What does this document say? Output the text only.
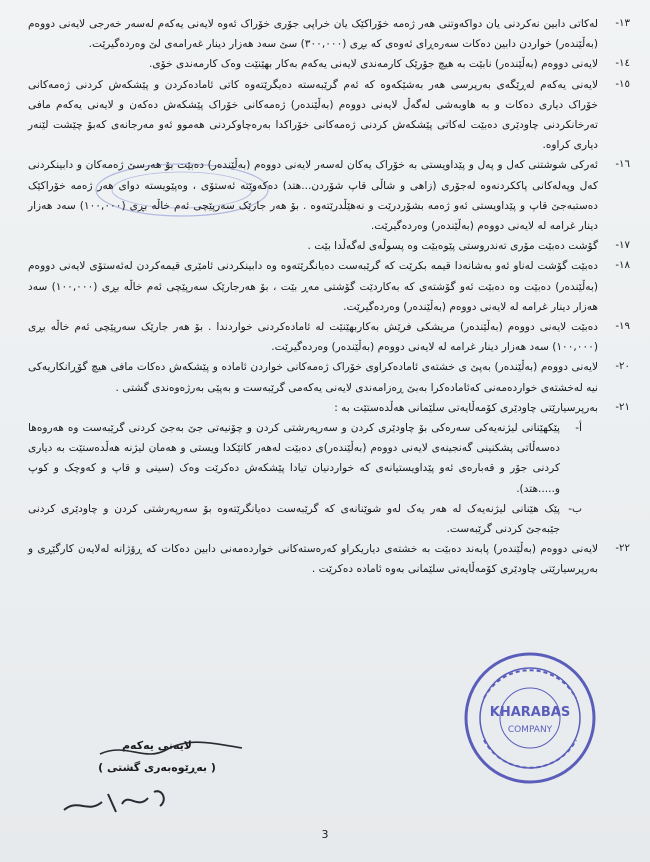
-١٣
لەکاتی دابین نەکردنی یان دواکەوتنی هەر ژەمە خۆراکێک یان خراپی جۆری خۆراک ئەوە لایەنی یەکەم لەسەر خەرجی لایەنی دووەم (بەڵێندەر) خواردن دابین دەکات سەرەڕای ئەوەی کە بڕی (٣٠٠,٠٠٠) سێ سەد هەزار دینار غەرامەی لێ وەردەگیرێت.

-١٤
لایەنی دووەم (بەڵێندەر) نابێت بە هیچ جۆرێک کارمەندی لایەنی یەکەم بەکار بهێنێت وەک کارمەندی خۆی.

-١٥
لایەنی یەکەم لەڕێگەی بەرپرسی هەر بەشێکەوە کە ئەم گرێبەستە دەیگرێتەوە کاتی ئامادەکردن و پێشکەش کردنی ژەمەکانی خۆراک دیاری دەکات و بە هاوبەشی لەگەڵ لایەنی دووەم (بەڵێندەر) ژەمەکانی خۆراک پێشکەش دەکەن و لایەنی یەکەم مافی تەرخانکردنی چاودێری دەبێت لەکاتی پێشکەش کردنی ژەمەکانی خۆراکدا بەرەچاوکردنی هەموو ئەو مەرجانەی کەبۆ چێشت لێنەر دیاری کراوە.

-١٦
ئەرکی شوشتنی کەل و پەل و پێداویستی بە خۆراک یەکان لەسەر لایەنی دووەم (بەڵێندەر) دەبێت بۆ هەرسێ ژەمەکان و دابینکردنی کەل وپەلەکانی پاککردنەوە لەجۆری (زاهی و شاڵی قاپ شۆردن...هتد) دەکەوێتە ئەستۆی ، وەپێویستە دوای هەر ژەمە خۆراکێک دەستبەجێ قاپ و پێداویستی ئەو ژەمە بشۆردرێت و نەهێڵدرێتەوە . بۆ هەر جارێک سەرپێچی ئەم خاڵە بڕی (١٠٠,٠٠٠) سەد هەزار دینار غرامە لە لایەنی دووەم (بەڵێندەر) وەردەگیرێت.

-١٧
گۆشت دەبێت مۆری تەندروستی پێوەبێت وە پسوڵەی لەگەڵدا بێت .

-١٨
دەبێت گۆشت لەناو ئەو بەشانەدا قیمە بکرێت کە گرێبەست دەیانگرێتەوە وە دابینکردنی ئامێری قیمەکردن لەئەستۆی لایەنی دووەم (بەڵێندەر) دەبێت وە دەبێت ئەو گۆشتەی کە بەکاردێت گۆشتی مەڕ بێت ، بۆ هەرجارێک سەرپێچی ئەم خاڵە بڕی (١٠٠,٠٠٠) سەد هەزار دینار غرامە لە لایەنی دووەم (بەڵێندەر) وەردەگیرێت.

-١٩
دەبێت لایەنی دووەم (بەڵێندەر) مریشکی فرێش بەکاربهێنێت لە ئامادەکردنی خواردندا . بۆ هەر جارێک سەرپێچی ئەم خاڵە بڕی (١٠٠,٠٠٠) سەد هەزار دینار غرامە لە لایەنی دووەم (بەڵێندەر) وەردەگیرێت.

-٢٠
لایەنی دووەم (بەڵێندەر) بەپێ ی خشتەی ئامادەکراوی خۆراک ژەمەکانی خواردن ئامادە و پێشکەش دەکات مافی هیچ گۆڕانکاریەکی نیە لەخشتەی خواردەمەنی کەئامادەکرا بەبێ ڕەزامەندی لایەنی یەکەمی گرێبەست و بەپێی بەرژەوەندی گشتی .

-٢١
بەرپرسیارێتی چاودێری کۆمەڵایەتی سلێمانی هەڵدەستێت بە :

أ-
پێکهێنانی لیژنەیەکی سەرەکی بۆ چاودێری کردن و سەرپەرشتی کردن و چۆنیەتی جێ بەجێ کردنی گرێبەست وە هەروەها دەسەڵاتی پشکنینی گەنجینەی لایەنی دووەم (بەڵێندەر)ی دەبێت لەهەر کاتێکدا ویستی و هەمان لیژنە هەڵدەستێت بە دیاری کردنی جۆر و قەبارەی ئەو پێداویستیانەی کە خواردنیان تیادا پێشکەش دەکرێت وەک (سینی و قاپ و کەوچک و کوپ و.....هتد).

ب-
پێک هێنانی لیژنەیەک لە هەر یەک لەو شوێنانەی کە گرێبەست دەیانگرێتەوە بۆ سەرپەرشتی کردن و چاودێری کردنی جێبەجێ کردنی گرێبەست.

-٢٢
لایەنی دووەم (بەڵێندەر) پابەند دەبێت بە خشتەی دیاریکراو کەرەستەکانی خواردەمەنی دابین دەکات کە ڕۆژانە لەلایەن کارگێڕی و بەرپرسیارێتی چاودێری کۆمەڵایەتی سلێمانی بەوە ئامادە دەکرێت .

لایەنی یەکەم
( بەڕێوەبەری گشتی )
KHARABAS
COMPANY
3
